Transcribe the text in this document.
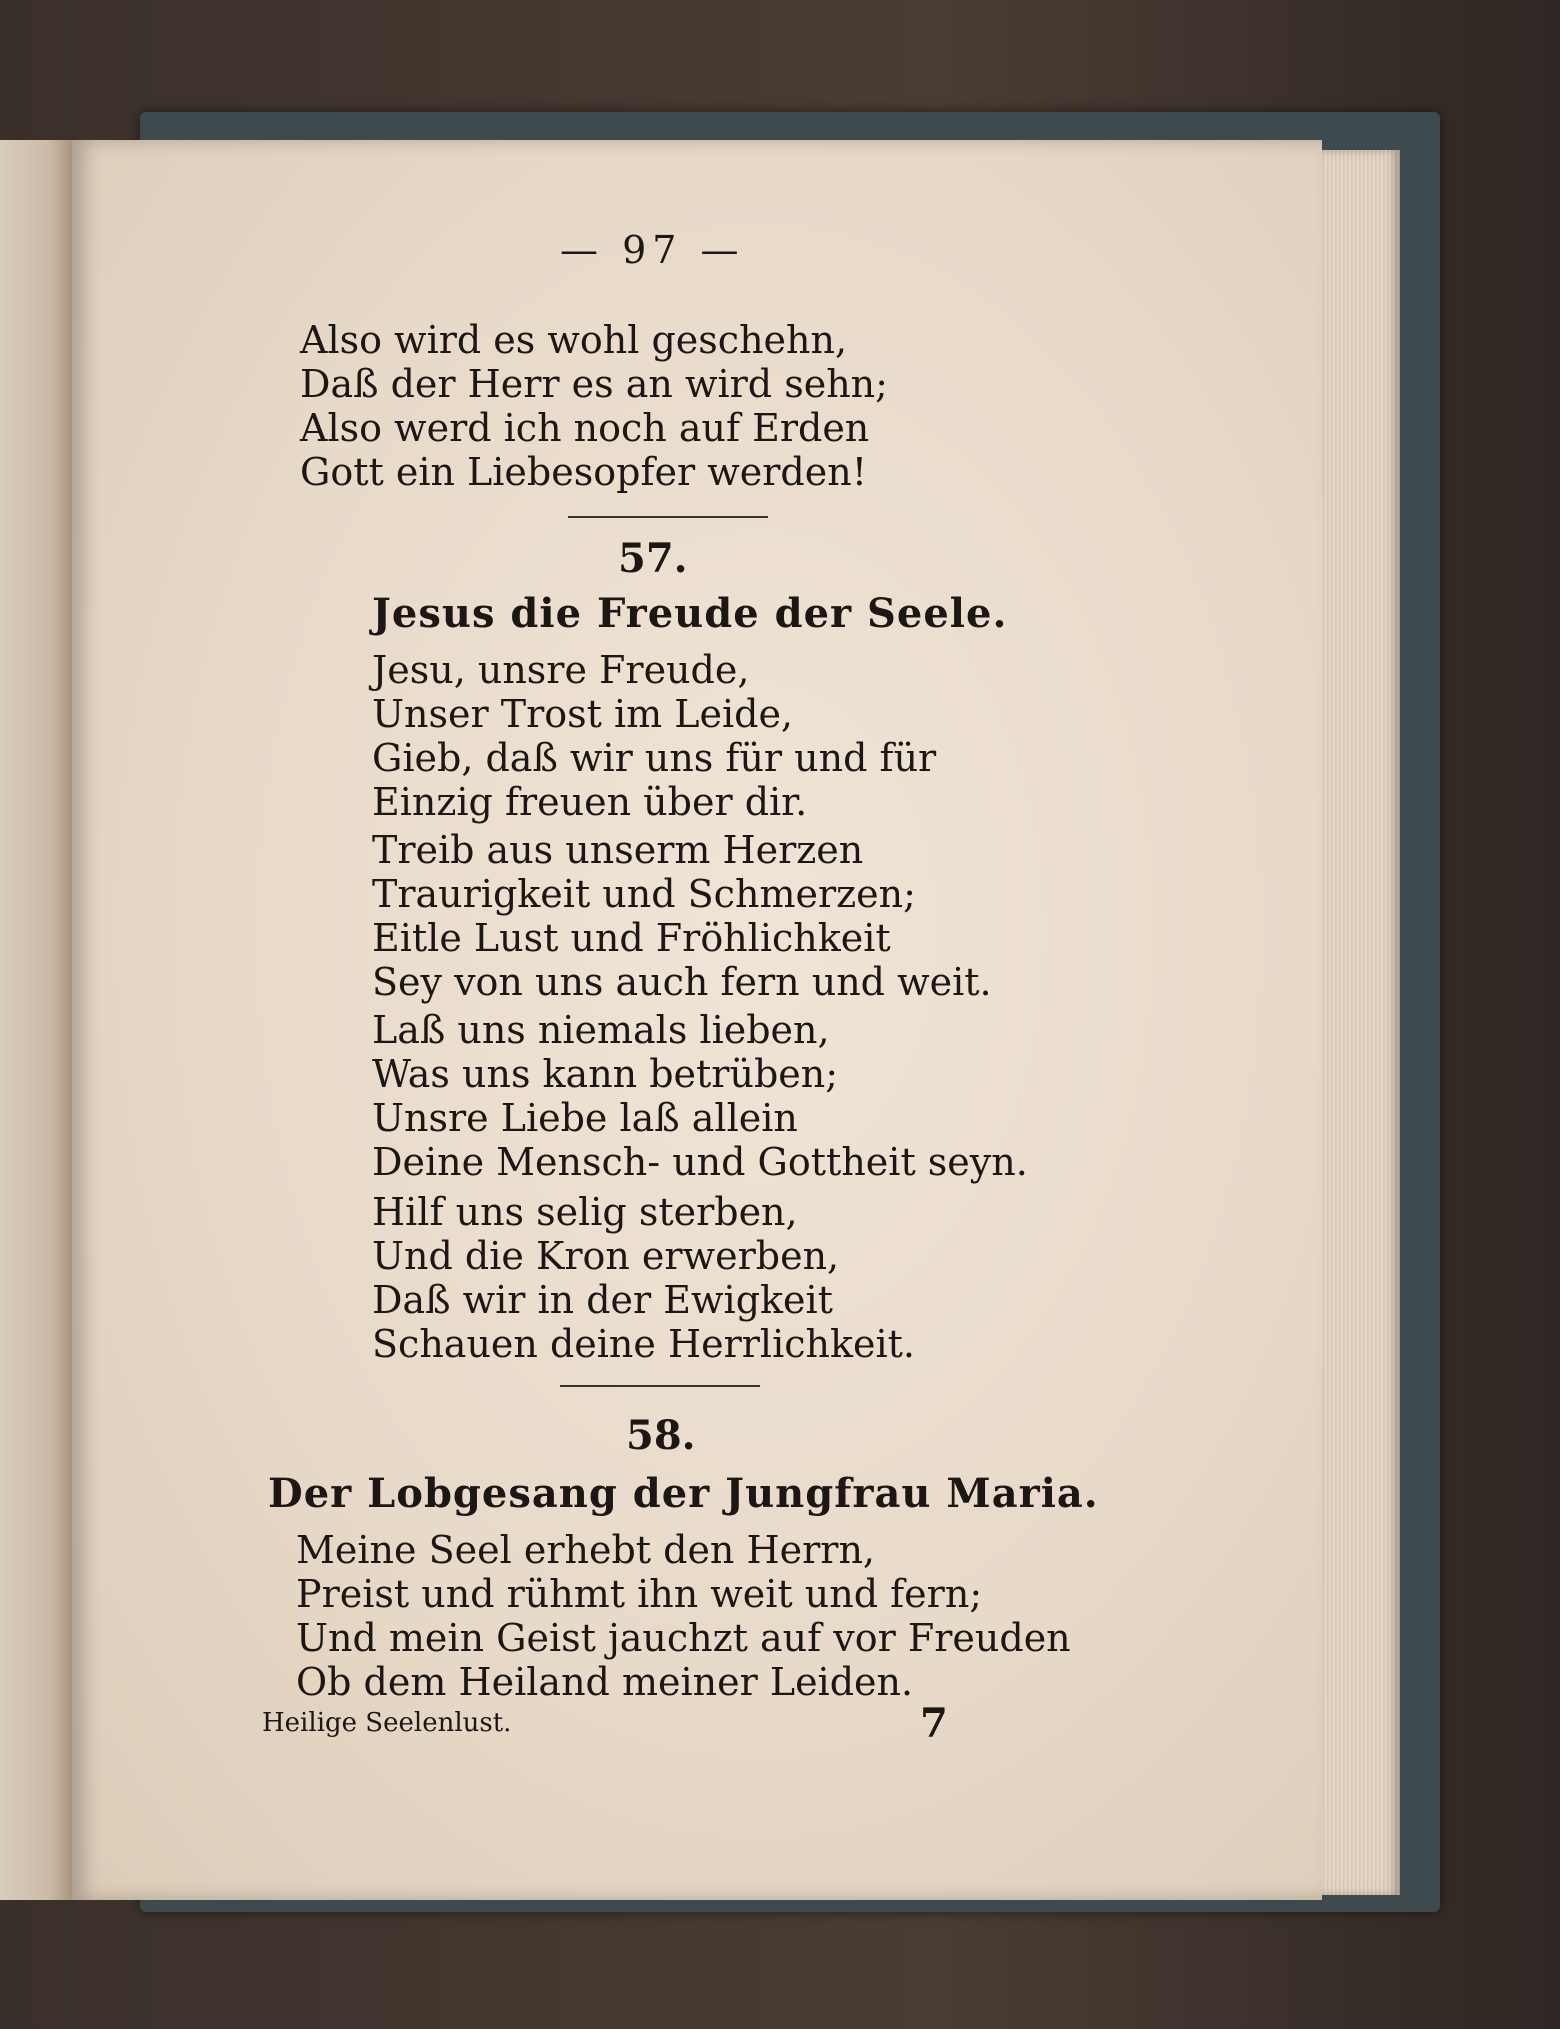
— 97 —
Also wird es wohl geschehn,
Daß der Herr es an wird sehn;
Also werd ich noch auf Erden
Gott ein Liebesopfer werden!
57.
Jesus die Freude der Seele.
Jesu, unsre Freude,
Unser Trost im Leide,
Gieb, daß wir uns für und für
Einzig freuen über dir.
Treib aus unserm Herzen
Traurigkeit und Schmerzen;
Eitle Lust und Fröhlichkeit
Sey von uns auch fern und weit.
Laß uns niemals lieben,
Was uns kann betrüben;
Unsre Liebe laß allein
Deine Mensch- und Gottheit seyn.
Hilf uns selig sterben,
Und die Kron erwerben,
Daß wir in der Ewigkeit
Schauen deine Herrlichkeit.
58.
Der Lobgesang der Jungfrau Maria.
Meine Seel erhebt den Herrn,
Preist und rühmt ihn weit und fern;
Und mein Geist jauchzt auf vor Freuden
Ob dem Heiland meiner Leiden.
Heilige Seelenlust.	7
